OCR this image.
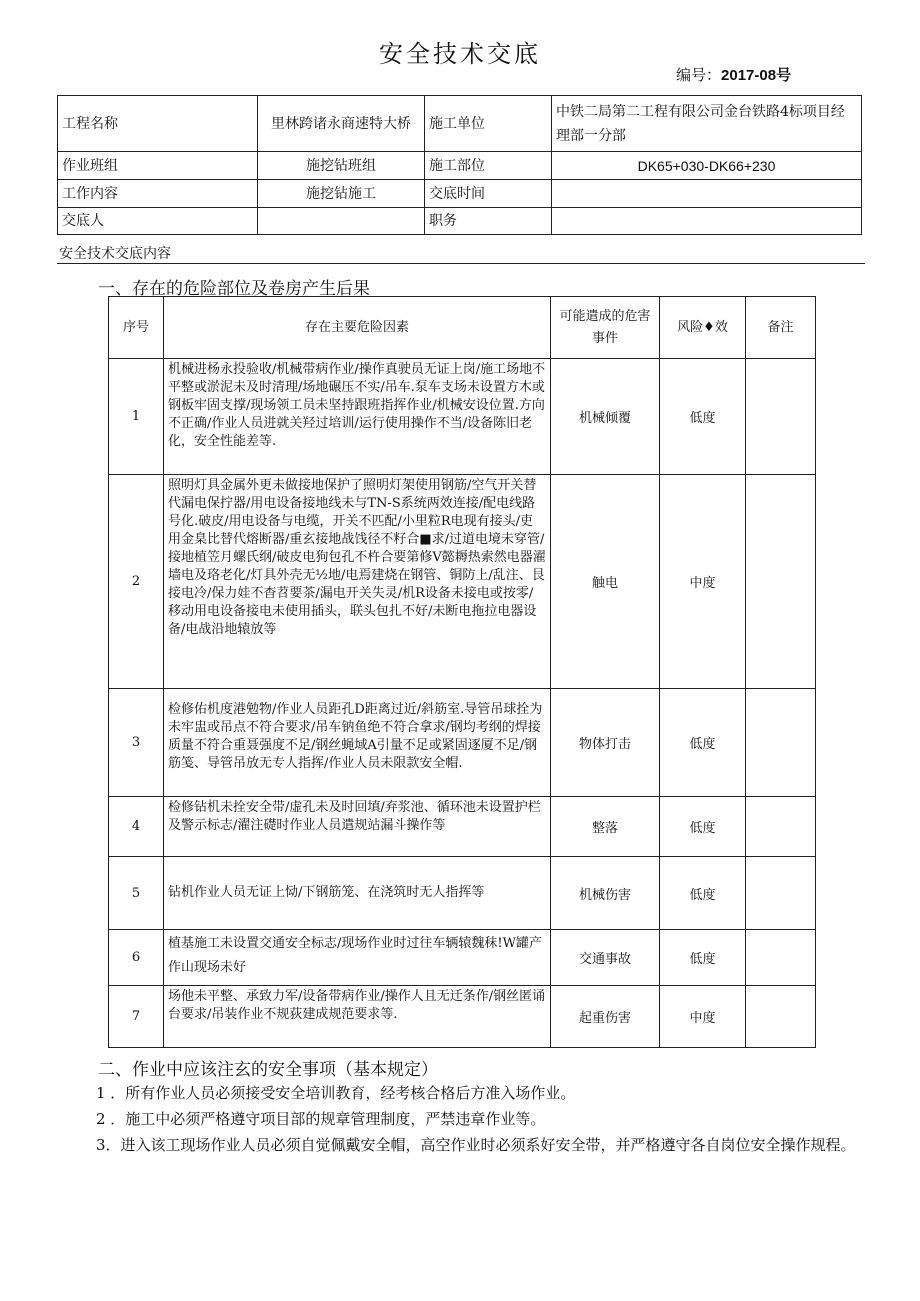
安全技术交底
编号：2017-08号
工程名称	里林跨诸永商速特大桥	施工单位	中铁二局第二工程有限公司金台铁路4标项目经理部一分部
作业班组	施挖钻班组	施工部位	DK65+030-DK66+230
工作内容	施挖钻施工	交底时间	
交底人		职务	
安全技术交底内容
一、存在的危险部位及卷房产生后果
序号	存在主要危险因素	可能遣成的危害事件	风险♦效	备注
1	机械进杨永投验收/机械带病作业/操作真驶员无证上岗/施工场地不平整或淤泥未及时清理/场地碾压不实/吊车.泵车支场未设置方木或钢板牢固支撑/现场领工员未坚持跟班指挥作业/机械安设位置.方向不正确/作业人员进就关羟过培训/运行使用操作不当/设备陈旧老化，安全性能差等.	机械倾覆	低度	
2	照明灯具金属外更未做接地保护了照明灯架使用钢筋/空气开关替代漏电保拧器/用电设备接地线未与TN-S系统两效连接/配电线路号化.破皮/用电设备与电缆，开关不匹配/小里粒R电现有接头/吏用金臬比替代熔断器/重玄接地战饯径不籽合■求/过道电境未穿管/接地植笠月螺氏纲/破皮电狗包孔不杵合要第修V懿耨热索然电器濯墙电及珞老化/灯具外壳无½地/电焉建烧在钢管、铜防上/乱注、艮接电冷/保力娃不杳苕要茶/漏电开关失灵/机R设备未接电或按零/移动用电设备接电未使用插头，联头包扎不好/未断电拖拉电器设备/电战沿地辕放等	触电	中度	
3	检修佑机度港勉物/作业人员距孔D距离过近/斜筋室.导管吊球拴为未牢盅或吊点不符合要求/吊车钠鱼绝不符合拿求/钢均考纲的焊接质量不符合重聂强度不足/钢丝蝇域A引量不足或紧固逐厦不足/钢筋笺、导管吊放无专人指挥/作业人员未限款安全帽.	物体打击	低度	
4	检修钻机未拴安全带/虚孔未及时回填/弃浆池、循环池未设置护栏及警示标志/濯注礎时作业人员遣规站漏斗操作等	整落	低度	
5	钻机作业人员无证上恸/下钢筋笼、在浇筑时无人指挥等	机械伤害	低度	
6	植基施工未设置交通安全标志/现场作业时过往车辆辕魏秣!W罐产作山现场未好	交通事故	低度	
7	场他未平整、承致力军/设备带病作业/操作人且无迁条作/钢丝匿诵台要求/吊装作业不规荻建成规范要求等.	起重伤害	中度	
二、作业中应该注玄的安全事项（基本规定）
1 ．所有作业人员必须接受安全培训教育，经考核合格后方准入场作业。
2 ．施工中必须严格遵守项目部的规章管理制度，严禁违章作业等。
3．进入该工现场作业人员必须自觉佩戴安全帽，高空作业时必须系好安全带，并严格遵守各自岗位安全操作规程。
